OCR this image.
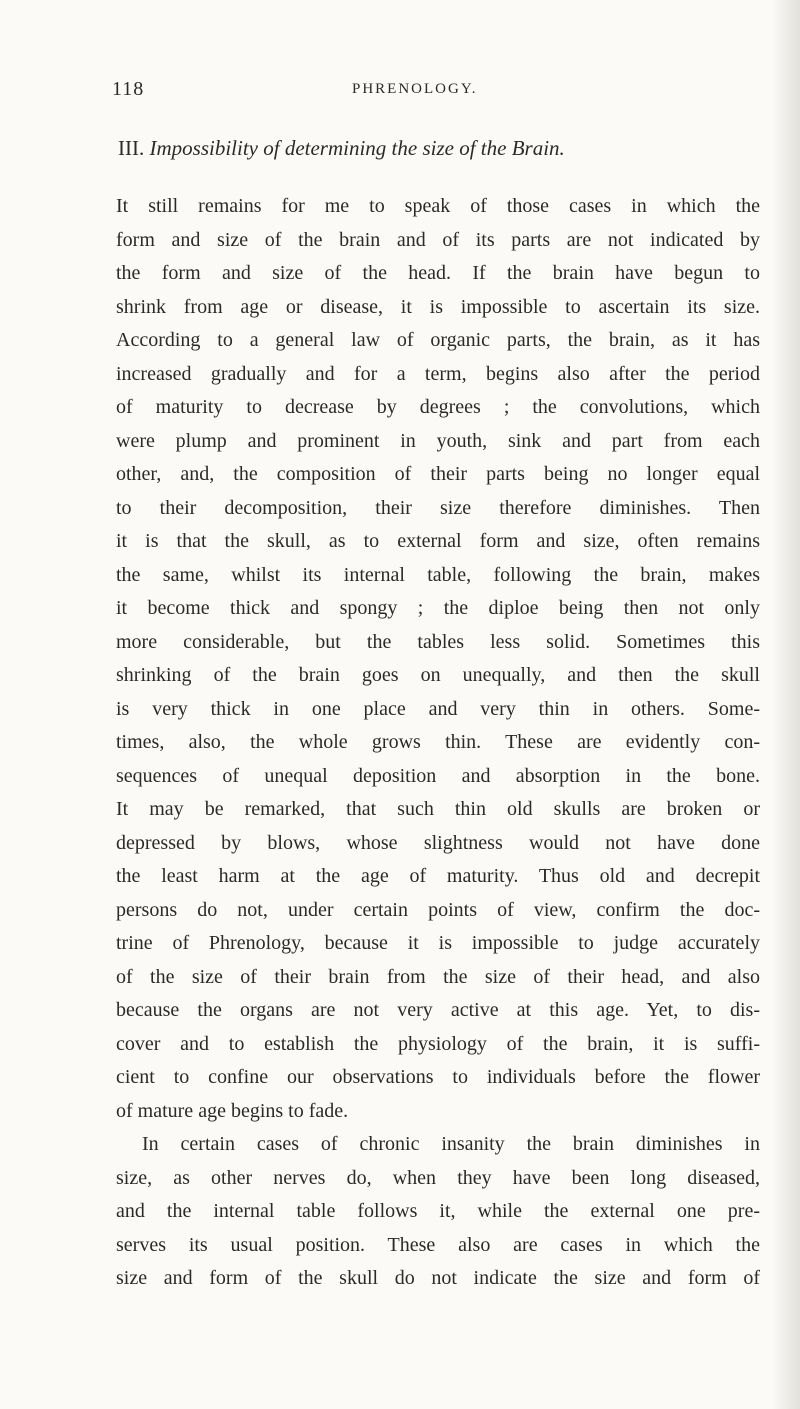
118	PHRENOLOGY.
III. Impossibility of determining the size of the Brain.
It still remains for me to speak of those cases in which the
form and size of the brain and of its parts are not indicated by
the form and size of the head. If the brain have begun to
shrink from age or disease, it is impossible to ascertain its size.
According to a general law of organic parts, the brain, as it has
increased gradually and for a term, begins also after the period
of maturity to decrease by degrees ; the convolutions, which
were plump and prominent in youth, sink and part from each
other, and, the composition of their parts being no longer equal
to their decomposition, their size therefore diminishes. Then
it is that the skull, as to external form and size, often remains
the same, whilst its internal table, following the brain, makes
it become thick and spongy ; the diploe being then not only
more considerable, but the tables less solid. Sometimes this
shrinking of the brain goes on unequally, and then the skull
is very thick in one place and very thin in others. Some-
times, also, the whole grows thin. These are evidently con-
sequences of unequal deposition and absorption in the bone.
It may be remarked, that such thin old skulls are broken or
depressed by blows, whose slightness would not have done
the least harm at the age of maturity. Thus old and decrepit
persons do not, under certain points of view, confirm the doc-
trine of Phrenology, because it is impossible to judge accurately
of the size of their brain from the size of their head, and also
because the organs are not very active at this age. Yet, to dis-
cover and to establish the physiology of the brain, it is suffi-
cient to confine our observations to individuals before the flower
of mature age begins to fade.
In certain cases of chronic insanity the brain diminishes in
size, as other nerves do, when they have been long diseased,
and the internal table follows it, while the external one pre-
serves its usual position. These also are cases in which the
size and form of the skull do not indicate the size and form of
